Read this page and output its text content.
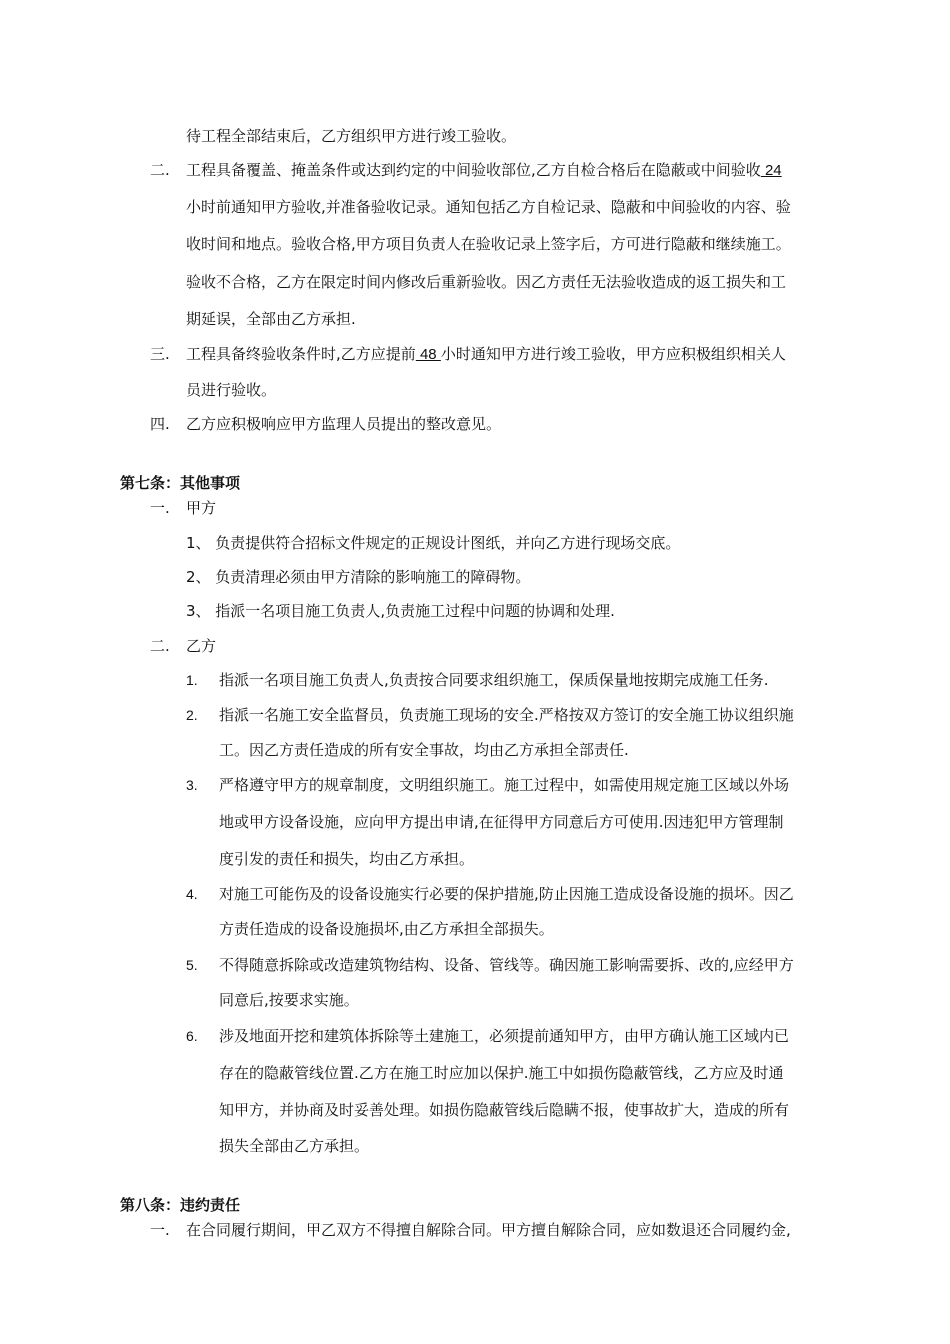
待工程全部结束后，乙方组织甲方进行竣工验收。
二. 工程具备覆盖、掩盖条件或达到约定的中间验收部位,乙方自检合格后在隐蔽或中间验收 24
小时前通知甲方验收,并准备验收记录。通知包括乙方自检记录、隐蔽和中间验收的内容、验
收时间和地点。验收合格,甲方项目负责人在验收记录上签字后，方可进行隐蔽和继续施工。
验收不合格，乙方在限定时间内修改后重新验收。因乙方责任无法验收造成的返工损失和工
期延误，全部由乙方承担.
三. 工程具备终验收条件时,乙方应提前 48 小时通知甲方进行竣工验收，甲方应积极组织相关人
员进行验收。
四. 乙方应积极响应甲方监理人员提出的整改意见。
第七条：其他事项
一. 甲方
1、 负责提供符合招标文件规定的正规设计图纸，并向乙方进行现场交底。
2、 负责清理必须由甲方清除的影响施工的障碍物。
3、 指派一名项目施工负责人,负责施工过程中问题的协调和处理.
二. 乙方
1. 指派一名项目施工负责人,负责按合同要求组织施工，保质保量地按期完成施工任务.
2. 指派一名施工安全监督员，负责施工现场的安全.严格按双方签订的安全施工协议组织施
工。因乙方责任造成的所有安全事故，均由乙方承担全部责任.
3. 严格遵守甲方的规章制度，文明组织施工。施工过程中，如需使用规定施工区域以外场
地或甲方设备设施，应向甲方提出申请,在征得甲方同意后方可使用.因违犯甲方管理制
度引发的责任和损失，均由乙方承担。
4. 对施工可能伤及的设备设施实行必要的保护措施,防止因施工造成设备设施的损坏。因乙
方责任造成的设备设施损坏,由乙方承担全部损失。
5. 不得随意拆除或改造建筑物结构、设备、管线等。确因施工影响需要拆、改的,应经甲方
同意后,按要求实施。
6. 涉及地面开挖和建筑体拆除等土建施工，必须提前通知甲方，由甲方确认施工区域内已
存在的隐蔽管线位置.乙方在施工时应加以保护.施工中如损伤隐蔽管线，乙方应及时通
知甲方，并协商及时妥善处理。如损伤隐蔽管线后隐瞒不报，使事故扩大，造成的所有
损失全部由乙方承担。
第八条：违约责任
一. 在合同履行期间，甲乙双方不得擅自解除合同。甲方擅自解除合同，应如数退还合同履约金,
